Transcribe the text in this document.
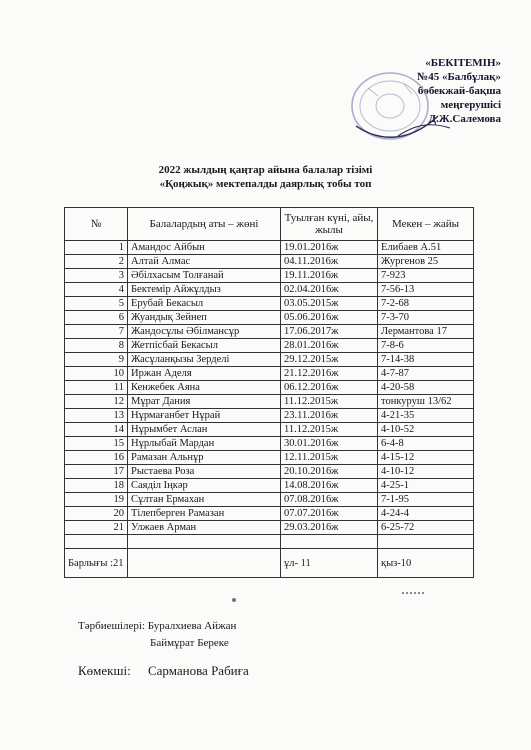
«БЕКІТЕМІН»
№45 «Балбұлақ»
бөбекжай-бақша
меңгерушісі
Д.Ж.Салемова
2022 жылдың қаңтар айына балалар тізімі
«Қоңжық» мектепалды даярлық тобы топ
№	Балалардың аты – жөні	Туылған күні, айы, жылы	Мекен – жайы
1	Амандос Айбын	19.01.2016ж	Елибаев А.51
2	Алтай Алмас	04.11.2016ж	Жургенов 25
3	Әбілхасым Толғанай	19.11.2016ж	7-923
4	Бектемір Айжұлдыз	02.04.2016ж	7-56-13
5	Ерубай Бекасыл	03.05.2015ж	7-2-68
6	Жуандық Зейнеп	05.06.2016ж	7-3-70
7	Жандосұлы Әбілмансұр	17.06.2017ж	Лермантова 17
8	Жетпісбай Бекасыл	28.01.2016ж	7-8-6
9	Жасұланқызы Зерделі	29.12.2015ж	7-14-38
10	Иржан Аделя	21.12.2016ж	4-7-87
11	Кенжебек Аяна	06.12.2016ж	4-20-58
12	Мұрат Дания	11.12.2015ж	тонкуруш 13/62
13	Нұрмағанбет Нұрай	23.11.2016ж	4-21-35
14	Нұрымбет Аслан	11.12.2015ж	4-10-52
15	Нұрлыбай Мардан	30.01.2016ж	6-4-8
16	Рамазан Альнұр	12.11.2015ж	4-15-12
17	Рыстаева Роза	20.10.2016ж	4-10-12
18	Саяділ Іңкәр	14.08.2016ж	4-25-1
19	Сұлтан Ермахан	07.08.2016ж	7-1-95
20	Тілепберген Рамазан	07.07.2016ж	4-24-4
21	Улжаев Арман	29.03.2016ж	6-25-72

Барлығы :21		ұл- 11	қыз-10
Тәрбиешілері: Буралхиева Айжан
Баймұрат Береке
Көмекші: Сарманова Рабиға
